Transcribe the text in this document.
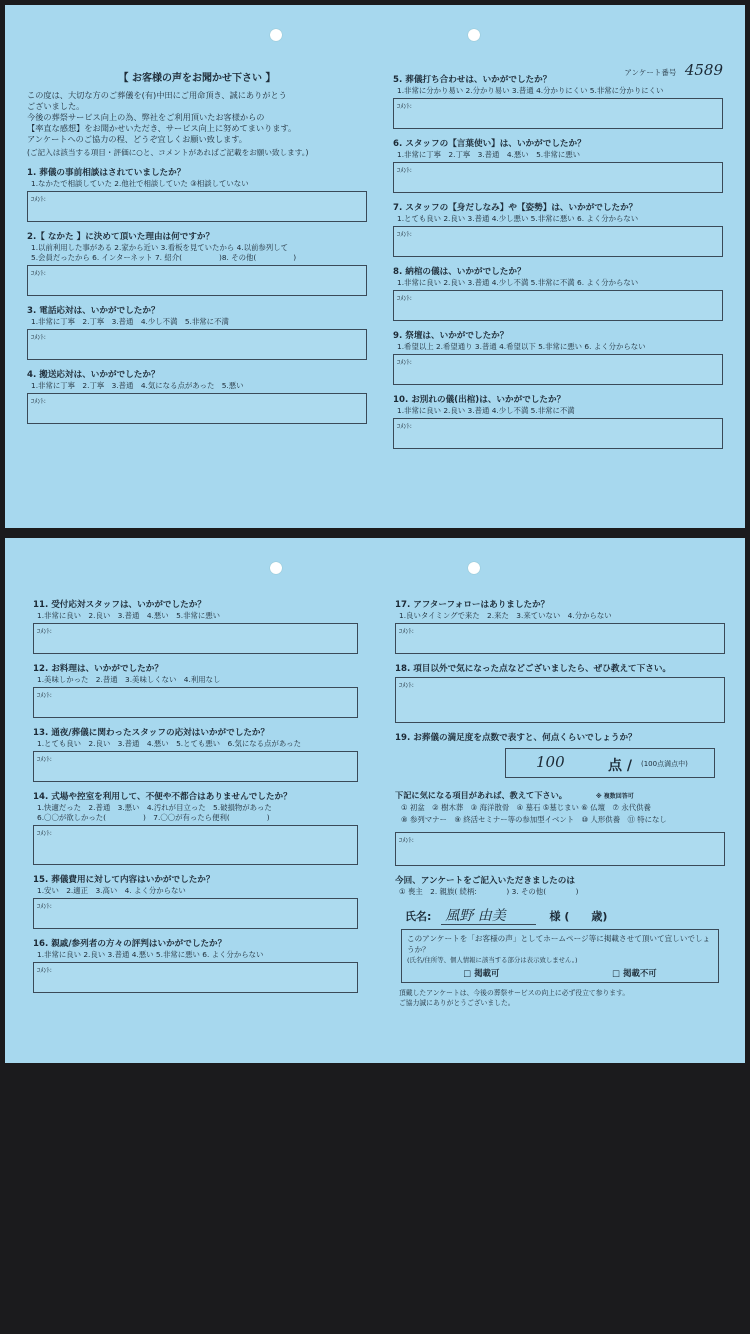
アンケート番号 4589
【 お客様の声をお聞かせ下さい 】
この度は、大切な方のご葬儀を(有)中田にご用命頂き、誠にありがとう
ございました。
今後の葬祭サービス向上の為、弊社をご利用頂いたお客様からの
【率直な感想】をお聞かせいただき、サービス向上に努めてまいります。
アンケートへのご協力の程、どうぞ宜しくお願い致します。
(ご記入は該当する項目・評価に○と、コメントがあればご記載をお願い致します。)
1. 葬儀の事前相談はされていましたか？
1.なかたで相談していた 2.他社で相談していた ③相談していない
ｺﾒﾝﾄ:
2.【 なかた 】に決めて頂いた理由は何ですか？
1.以前利用した事がある 2.家から近い 3.看板を見ていたから 4.以前参列して
5.会員だったから 6. インターネット 7. 紹介(　　　　　)8. その他(　　　　　)
ｺﾒﾝﾄ:
3. 電話応対は、いかがでしたか？
1.非常に丁寧　2.丁寧　3.普通　4.少し不満　5.非常に不満
ｺﾒﾝﾄ:
4. 搬送応対は、いかがでしたか？
1.非常に丁寧　2.丁寧　3.普通　4.気になる点があった　5.悪い
ｺﾒﾝﾄ:
5. 葬儀打ち合わせは、いかがでしたか？
1.非常に分かり易い 2.分かり易い 3.普通 4.分かりにくい 5.非常に分かりにくい
ｺﾒﾝﾄ:
6. スタッフの【言葉使い】は、いかがでしたか？
1.非常に丁寧　2.丁寧　3.普通　4.悪い　5.非常に悪い
ｺﾒﾝﾄ:
7. スタッフの【身だしなみ】や【姿勢】は、いかがでしたか？
1.とても良い 2.良い 3.普通 4.少し悪い 5.非常に悪い 6. よく分からない
ｺﾒﾝﾄ:
8. 納棺の儀は、いかがでしたか？
1.非常に良い 2.良い 3.普通 4.少し不満 5.非常に不満 6. よく分からない
ｺﾒﾝﾄ:
9. 祭壇は、いかがでしたか？
1.希望以上 2.希望通り 3.普通 4.希望以下 5.非常に悪い 6. よく分からない
ｺﾒﾝﾄ:
10. お別れの儀(出棺)は、いかがでしたか？
1.非常に良い 2.良い 3.普通 4.少し不満 5.非常に不満
ｺﾒﾝﾄ:
11. 受付応対スタッフは、いかがでしたか？
1.非常に良い　2.良い　3.普通　4.悪い　5.非常に悪い
ｺﾒﾝﾄ:
12. お料理は、いかがでしたか？
1.美味しかった　2.普通　3.美味しくない　4.利用なし
ｺﾒﾝﾄ:
13. 通夜/葬儀に関わったスタッフの応対はいかがでしたか？
1.とても良い　2.良い　3.普通　4.悪い　5.とても悪い　6.気になる点があった
ｺﾒﾝﾄ:
14. 式場や控室を利用して、不便や不都合はありませんでしたか？
1.快適だった　2.普通　3.悪い　4.汚れが目立った　5.破損物があった
6.〇〇が欲しかった(　　　　　)　7.〇〇が有ったら便利(　　　　　)
ｺﾒﾝﾄ:
15. 葬儀費用に対して内容はいかがでしたか？
1.安い　2.適正　3.高い　4. よく分からない
ｺﾒﾝﾄ:
16. 親戚/参列者の方々の評判はいかがでしたか？
1.非常に良い 2.良い 3.普通 4.悪い 5.非常に悪い 6. よく分からない
ｺﾒﾝﾄ:
17. アフターフォローはありましたか？
1.良いタイミングで来た　2.来た　3.来ていない　4.分からない
ｺﾒﾝﾄ:
18. 項目以外で気になった点などございましたら、ぜひ教えて下さい。
ｺﾒﾝﾄ:
19. お葬儀の満足度を点数で表すと、何点くらいでしょうか？
100	点 / (100点満点中)
下記に気になる項目があれば、教えて下さい。	※ 複数回答可
① 初盆　② 樹木葬　③ 海洋散骨　④ 墓石 ⑤墓じまい ⑥ 仏壇　⑦ 永代供養
⑧ 参列マナー　⑨ 終活セミナー等の参加型イベント　⑩ 人形供養　⑪ 特になし
ｺﾒﾝﾄ:
今回、アンケートをご記入いただきましたのは
① 喪主　2. 親族( 続柄:　　　　) 3. その他(　　　　)
氏名: 風野 由美	様 (　　歳)
このアンケートを「お客様の声」としてホームページ等に掲載させて頂いて宜しいでしょうか？
(氏名/住所等、個人情報に該当する部分は表示致しません。)
□ 掲載可	□ 掲載不可
頂戴したアンケートは、今後の葬祭サービスの向上に必ず役立て参ります。
ご協力誠にありがとうございました。
